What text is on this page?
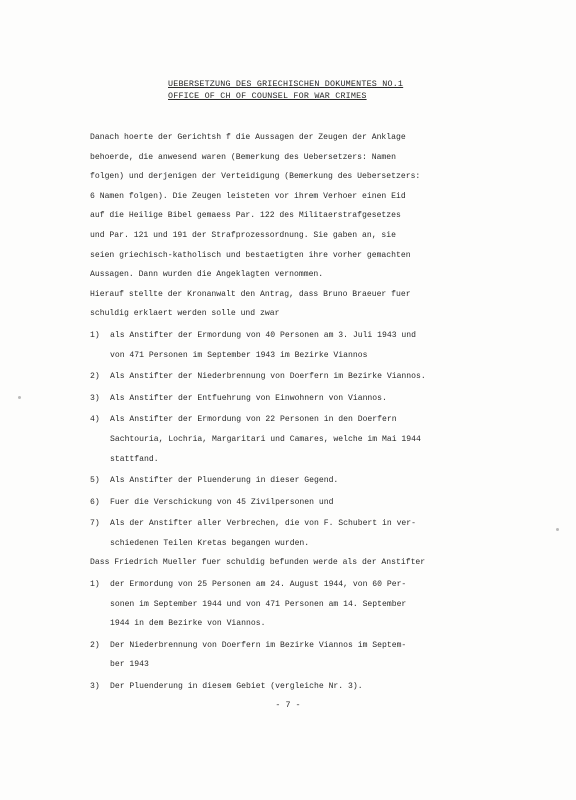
UEBERSETZUNG DES GRIECHISCHEN DOKUMENTES NO.1
OFFICE OF CH OF COUNSEL FOR WAR CRIMES

Danach hoerte der Gerichtsh f die Aussagen der Zeugen der Anklage

behoerde, die anwesend waren (Bemerkung des Uebersetzers: Namen

folgen) und derjenigen der Verteidigung (Bemerkung des Uebersetzers:

6 Namen folgen). Die Zeugen leisteten vor ihrem Verhoer einen Eid

auf die Heilige Bibel gemaess Par. 122 des Militaerstrafgesetzes

und Par. 121 und 191 der Strafprozessordnung. Sie gaben an, sie

seien griechisch-katholisch und bestaetigten ihre vorher gemachten

Aussagen. Dann wurden die Angeklagten vernommen.

Hierauf stellte der Kronanwalt den Antrag, dass Bruno Braeuer fuer

schuldig erklaert werden solle und zwar

1)	als Anstifter der Ermordung von 40 Personen am 3. Juli 1943 und
von 471 Personen im September 1943 im Bezirke Viannos
2)	Als Anstifter der Niederbrennung von Doerfern im Bezirke Viannos.
3)	Als Anstifter der Entfuehrung von Einwohnern von Viannos.
4)	Als Anstifter der Ermordung von 22 Personen in den Doerfern
Sachtouria, Lochria, Margaritari und Camares, welche im Mai 1944
stattfand.
5)	Als Anstifter der Pluenderung in dieser Gegend.
6)	Fuer die Verschickung von 45 Zivilpersonen und
7)	Als der Anstifter aller Verbrechen, die von F. Schubert in ver-
schiedenen Teilen Kretas begangen wurden.

Dass Friedrich Mueller fuer schuldig befunden werde als der Anstifter

1)	der Ermordung von 25 Personen am 24. August 1944, von 60 Per-
sonen im September 1944 und von 471 Personen am 14. September
1944 in dem Bezirke von Viannos.
2)	Der Niederbrennung von Doerfern im Bezirke Viannos im Septem-
ber 1943
3)	Der Pluenderung in diesem Gebiet (vergleiche Nr. 3).
- 7 -
